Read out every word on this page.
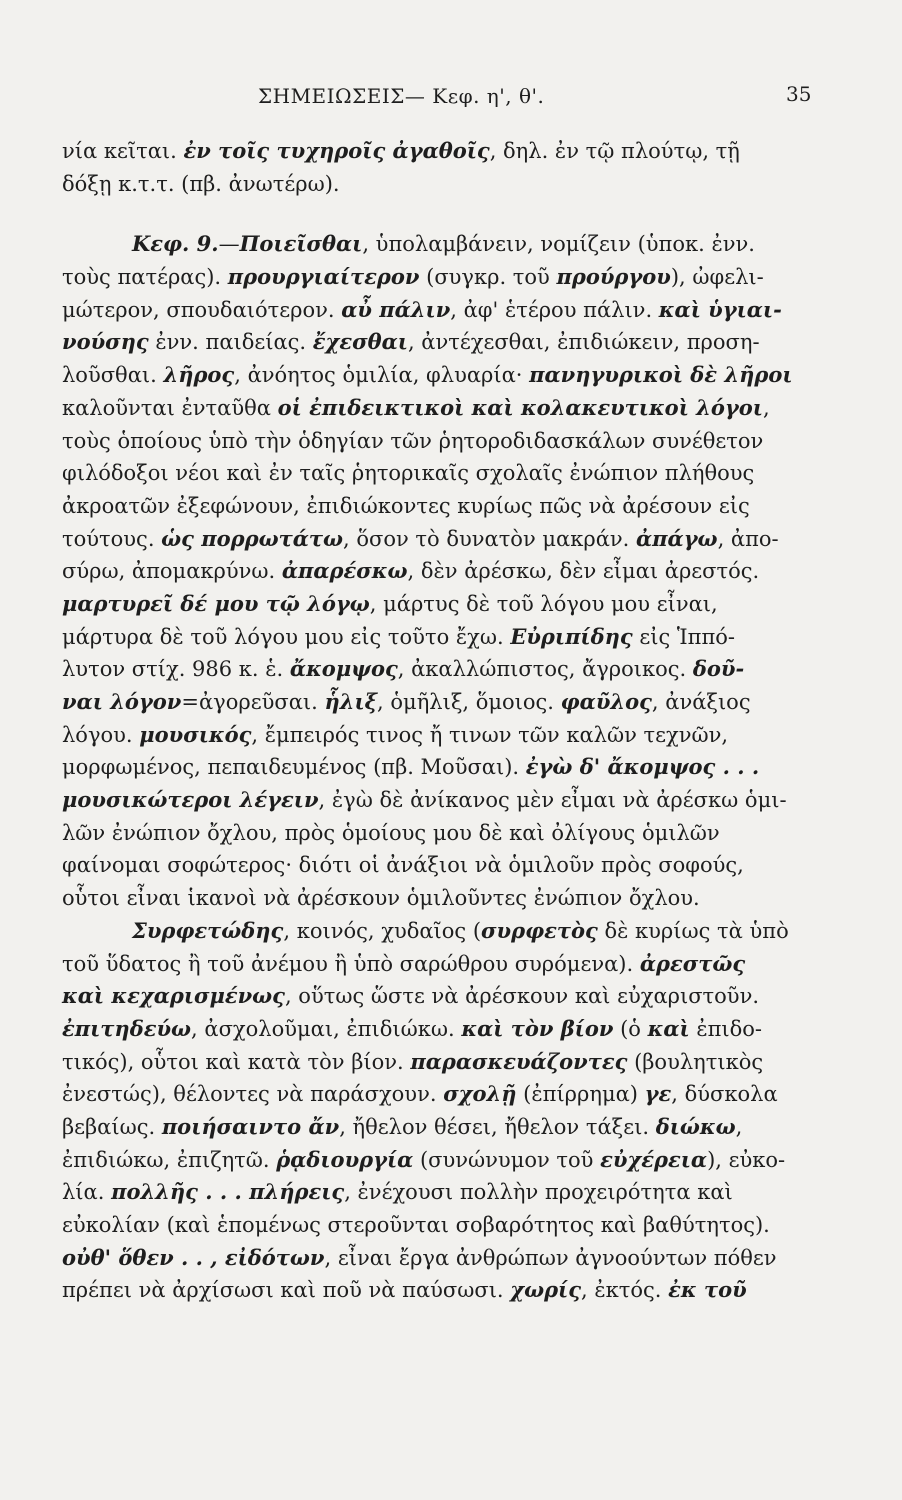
ΣΗΜΕΙΩΣΕΙΣ— Κεφ. η', θ'.	35
νία κεῖται. ἐν τοῖς τυχηροῖς ἀγαθοῖς, δηλ. ἐν τῷ πλούτῳ, τῇ
δόξῃ κ.τ.τ. (πβ. ἀνωτέρω).
Κεφ. 9.—Ποιεῖσθαι, ὑπολαμβάνειν, νομίζειν (ὑποκ. ἐνν.
τοὺς πατέρας). προυργιαίτερον (συγκρ. τοῦ προύργου), ὠφελι-
μώτερον, σπουδαιότερον. αὖ πάλιν, ἀφ' ἑτέρου πάλιν. καὶ ὑγιαι-
νούσης ἐνν. παιδείας. ἔχεσθαι, ἀντέχεσθαι, ἐπιδιώκειν, προση-
λοῦσθαι. λῆρος, ἀνόητος ὁμιλία, φλυαρία· πανηγυρικοὶ δὲ λῆροι
καλοῦνται ἐνταῦθα οἱ ἐπιδεικτικοὶ καὶ κολακευτικοὶ λόγοι,
τοὺς ὁποίους ὑπὸ τὴν ὁδηγίαν τῶν ῥητοροδιδασκάλων συνέθετον
φιλόδοξοι νέοι καὶ ἐν ταῖς ῥητορικαῖς σχολαῖς ἐνώπιον πλήθους
ἀκροατῶν ἐξεφώνουν, ἐπιδιώκοντες κυρίως πῶς νὰ ἀρέσουν εἰς
τούτους. ὡς πορρωτάτω, ὅσον τὸ δυνατὸν μακράν. ἀπάγω, ἀπο-
σύρω, ἀπομακρύνω. ἀπαρέσκω, δὲν ἀρέσκω, δὲν εἶμαι ἀρεστός.
μαρτυρεῖ δέ μου τῷ λόγῳ, μάρτυς δὲ τοῦ λόγου μου εἶναι,
μάρτυρα δὲ τοῦ λόγου μου εἰς τοῦτο ἔχω. Εὐριπίδης εἰς Ἱππό-
λυτον στίχ. 986 κ. ἑ. ἄκομψος, ἀκαλλώπιστος, ἄγροικος. δοῦ-
ναι λόγον=ἀγορεῦσαι. ἧλιξ, ὁμῆλιξ, ὅμοιος. φαῦλος, ἀνάξιος
λόγου. μουσικός, ἔμπειρός τινος ἤ τινων τῶν καλῶν τεχνῶν,
μορφωμένος, πεπαιδευμένος (πβ. Μοῦσαι). ἐγὼ δ' ἄκομψος . . .
μουσικώτεροι λέγειν, ἐγὼ δὲ ἀνίκανος μὲν εἶμαι νὰ ἀρέσκω ὁμι-
λῶν ἐνώπιον ὄχλου, πρὸς ὁμοίους μου δὲ καὶ ὀλίγους ὁμιλῶν
φαίνομαι σοφώτερος· διότι οἱ ἀνάξιοι νὰ ὁμιλοῦν πρὸς σοφούς,
οὗτοι εἶναι ἱκανοὶ νὰ ἀρέσκουν ὁμιλοῦντες ἐνώπιον ὄχλου.
Συρφετώδης, κοινός, χυδαῖος (συρφετὸς δὲ κυρίως τὰ ὑπὸ
τοῦ ὕδατος ἢ τοῦ ἀνέμου ἢ ὑπὸ σαρώθρου συρόμενα). ἀρεστῶς
καὶ κεχαρισμένως, οὕτως ὥστε νὰ ἀρέσκουν καὶ εὐχαριστοῦν.
ἐπιτηδεύω, ἀσχολοῦμαι, ἐπιδιώκω. καὶ τὸν βίον (ὁ καὶ ἐπιδο-
τικός), οὗτοι καὶ κατὰ τὸν βίον. παρασκευάζοντες (βουλητικὸς
ἐνεστώς), θέλοντες νὰ παράσχουν. σχολῇ (ἐπίρρημα) γε, δύσκολα
βεβαίως. ποιήσαιντο ἄν, ἤθελον θέσει, ἤθελον τάξει. διώκω,
ἐπιδιώκω, ἐπιζητῶ. ῥᾳδιουργία (συνώνυμον τοῦ εὐχέρεια), εὐκο-
λία. πολλῆς . . . πλήρεις, ἐνέχουσι πολλὴν προχειρότητα καὶ
εὐκολίαν (καὶ ἑπομένως στεροῦνται σοβαρότητος καὶ βαθύτητος).
οὐθ' ὅθεν . . , εἰδότων, εἶναι ἔργα ἀνθρώπων ἀγνοούντων πόθεν
πρέπει νὰ ἀρχίσωσι καὶ ποῦ νὰ παύσωσι. χωρίς, ἐκτός. ἐκ τοῦ
